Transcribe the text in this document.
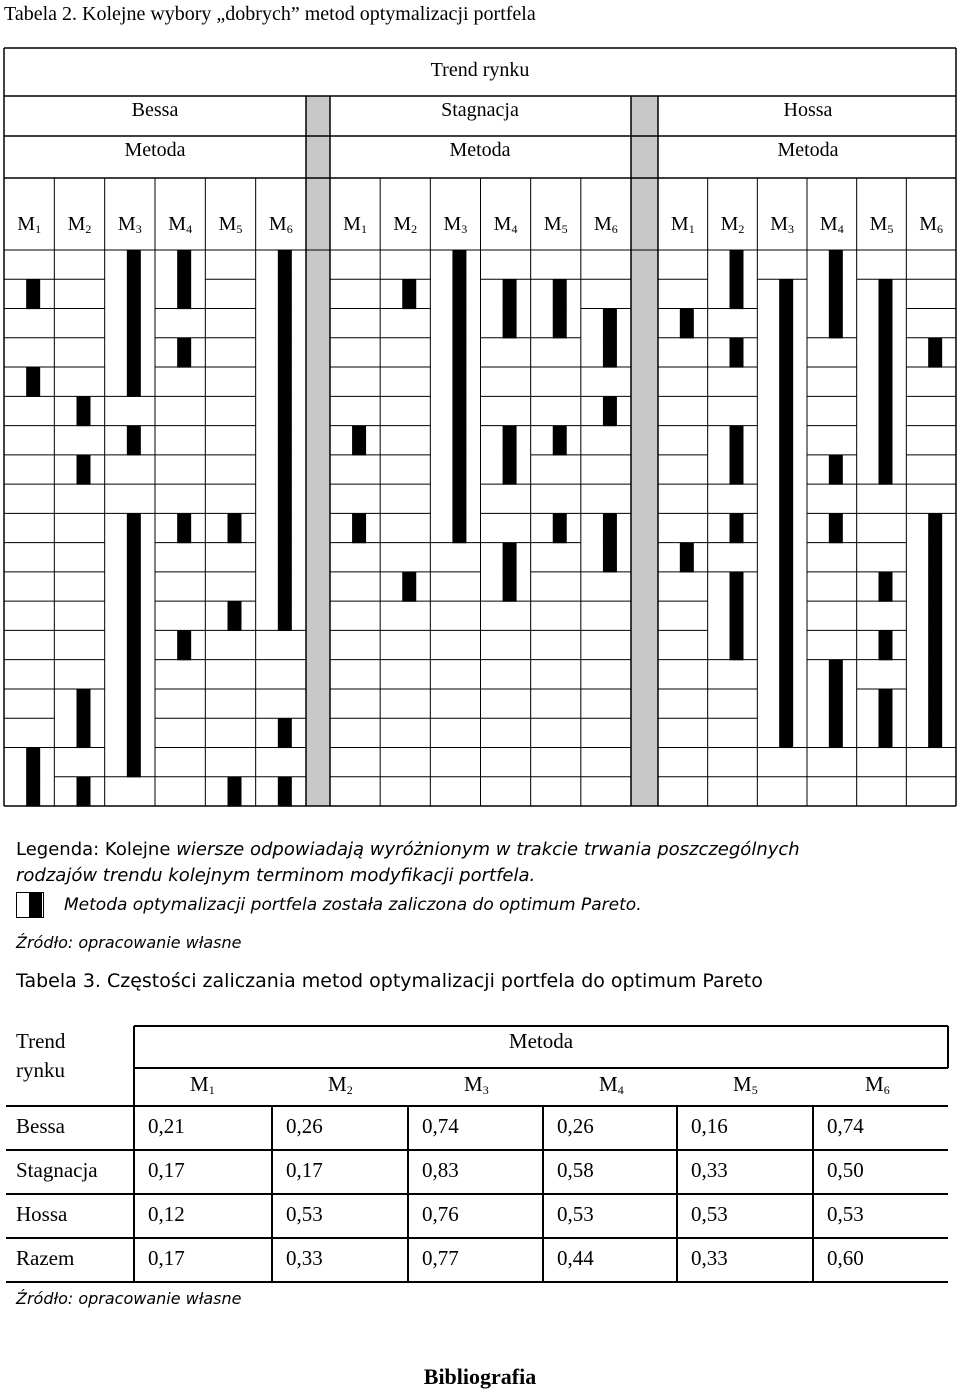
Tabela 2. Kolejne wybory „dobrych” metod optymalizacji portfela
Trend rynku
Bessa	Stagnacja	Hossa
Metoda	Metoda	Metoda
$M_1$	$M_2$	$M_3$	$M_4$	$M_5$	$M_6$	$M_1$	$M_2$	$M_3$	$M_4$	$M_5$	$M_6$	$M_1$	$M_2$	$M_3$	$M_4$	$M_5$	$M_6$
Legenda: Kolejne wiersze odpowiadają wyróżnionym w trakcie trwania poszczególnych
rodzajów trendu kolejnym terminom modyfikacji portfela.
Metoda optymalizacji portfela została zaliczona do optimum Pareto.
Źródło: opracowanie własne
Tabela 3. Częstości zaliczania metod optymalizacji portfela do optimum Pareto
Trend
rynku
Metoda
$M_1$	$M_2$	$M_3$	$M_4$	$M_5$	$M_6$
Bessa	0,21	0,26	0,74	0,26	0,16	0,74
Stagnacja 0,17	0,17	0,83	0,58	0,33	0,50
Hossa	0,12	0,53	0,76	0,53	0,53	0,53
Razem	0,17	0,33	0,77	0,44	0,33	0,60
Źródło: opracowanie własne
Bibliografia
